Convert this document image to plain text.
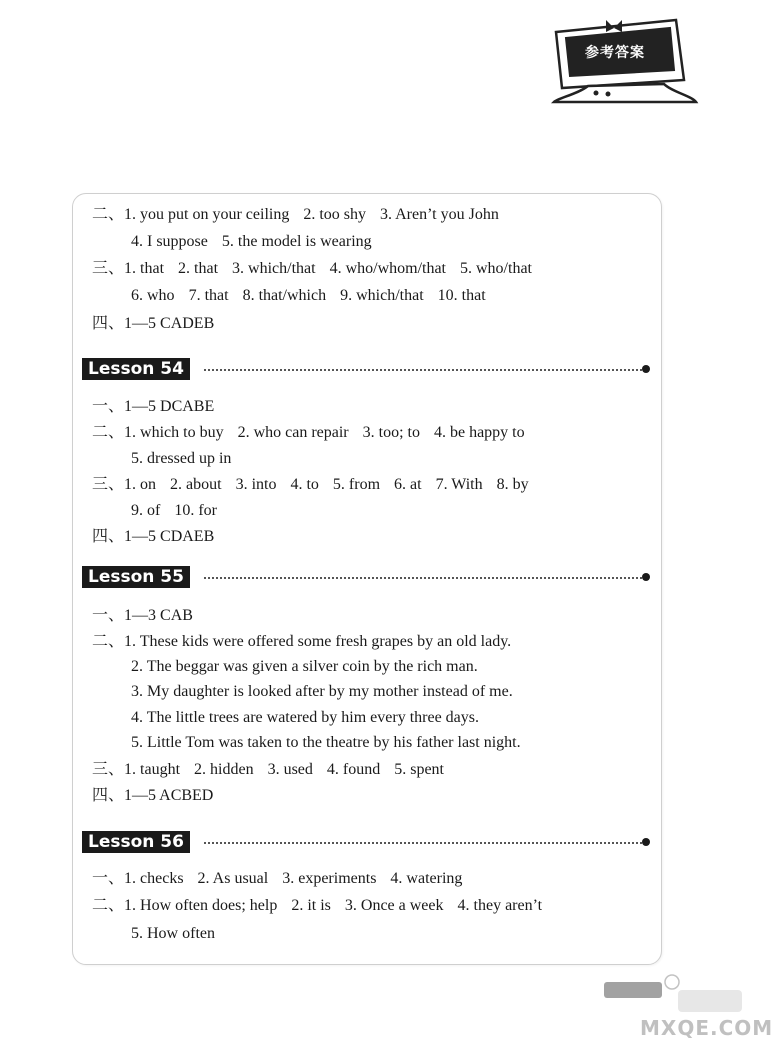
参考答案
二、1. you put on your ceiling 2. too shy 3. Aren’t you John
4. I suppose 5. the model is wearing
三、1. that 2. that 3. which/that 4. who/whom/that 5. who/that
6. who 7. that 8. that/which 9. which/that 10. that
四、1—5 CADEB
Lesson 54
一、1—5 DCABE
二、1. which to buy 2. who can repair 3. too; to 4. be happy to
5. dressed up in
三、1. on 2. about 3. into 4. to 5. from 6. at 7. With 8. by
9. of 10. for
四、1—5 CDAEB
Lesson 55
一、1—3 CAB
二、1. These kids were offered some fresh grapes by an old lady.
2. The beggar was given a silver coin by the rich man.
3. My daughter is looked after by my mother instead of me.
4. The little trees are watered by him every three days.
5. Little Tom was taken to the theatre by his father last night.
三、1. taught 2. hidden 3. used 4. found 5. spent
四、1—5 ACBED
Lesson 56
一、1. checks 2. As usual 3. experiments 4. watering
二、1. How often does; help 2. it is 3. Once a week 4. they aren’t
5. How often
MXQE.COM
